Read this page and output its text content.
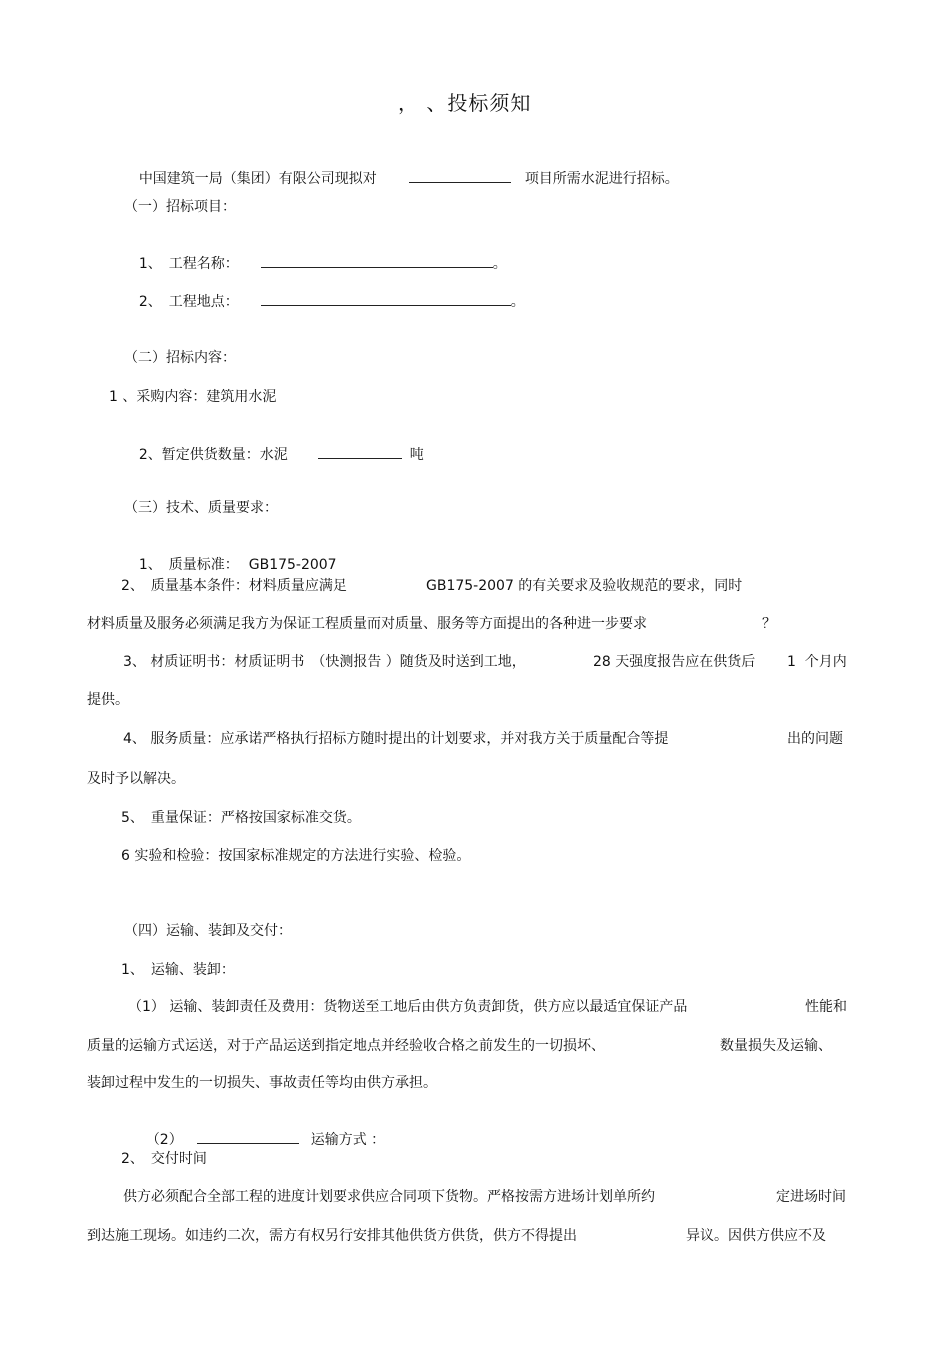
， 、投标须知

中国建筑一局（集团）有限公司现拟对	项目所需水泥进行招标。

（一）招标项目：

1、　工程名称：	。

2、　工程地点：	。

（二）招标内容：
1 、采购内容：建筑用水泥

2、暂定供货数量：水泥	吨

（三）技术、质量要求：

1、　质量标准： GB175-2007

2、　质量基本条件：材料质量应满足	GB175-2007 的有关要求及验收规范的要求，同时
材料质量及服务必须满足我方为保证工程质量而对质量、服务等方面提出的各种进一步要求	？
3、 材质证明书：材质证明书　（快测报告 ）随货及时送到工地，	28 天强度报告应在供货后 1  个月内
提供。
4、 服务质量：应承诺严格执行招标方随时提出的计划要求，并对我方关于质量配合等提	出的问题
及时予以解决。
5、　重量保证：严格按国家标准交货。
6 实验和检验：按国家标准规定的方法进行实验、检验。
（四）运输、装卸及交付：
1、　运输、装卸：
（1） 运输、装卸责任及费用：货物送至工地后由供方负责卸货，供方应以最适宜保证产品	性能和
质量的运输方式运送，对于产品运送到指定地点并经验收合格之前发生的一切损坏、	数量损失及运输、
装卸过程中发生的一切损失、事故责任等均由供方承担。

（2）	运输方式 ：

2、　交付时间
供方必须配合全部工程的进度计划要求供应合同项下货物。严格按需方进场计划单所约	定进场时间
到达施工现场。如违约二次，需方有权另行安排其他供货方供货，供方不得提出	异议。因供方供应不及
